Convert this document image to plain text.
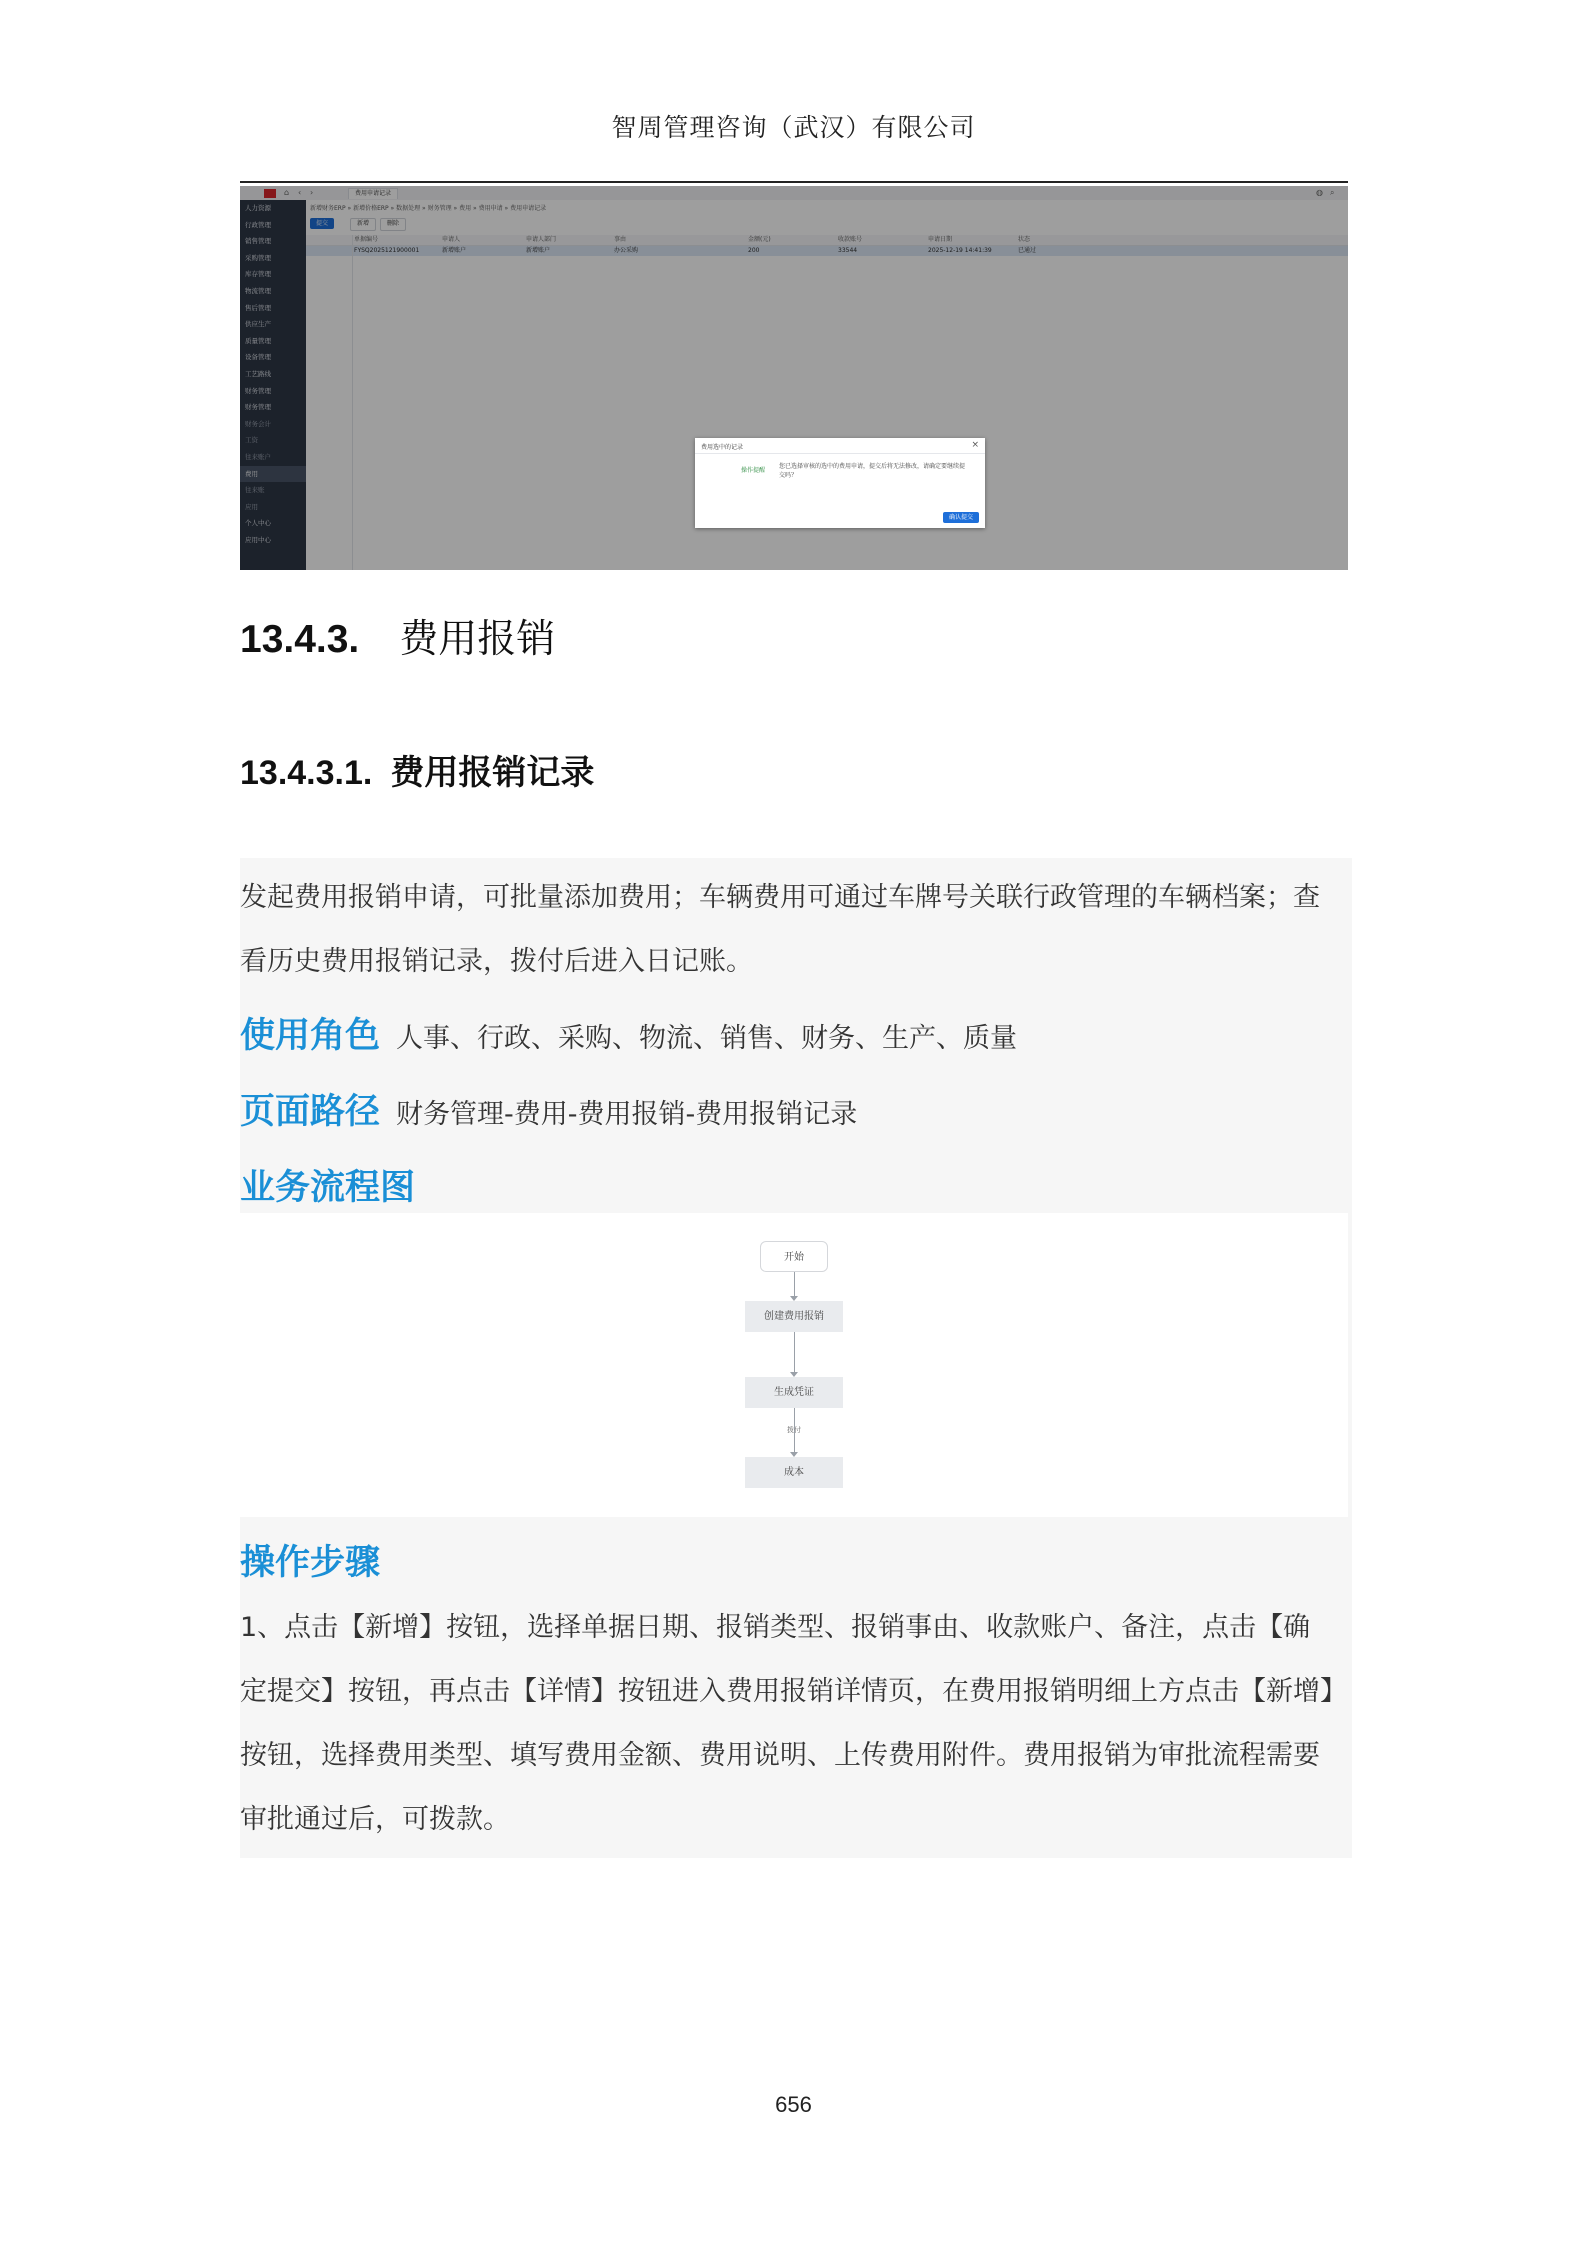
智周管理咨询（武汉）有限公司
⌂ ‹ ›	费用申请记录	◍ ⌕
人力资源
行政管理
销售管理
采购管理
库存管理
物流管理
售后管理
供应生产
质量管理
设备管理
工艺路线
财务管理
财务管理
财务会计
工资
往来账户
费用
往来账
应用
个人中心
应用中心
新增财务ERP » 新增价格ERP » 数据处理 » 财务管理 » 费用 » 费用申请 » 费用申请记录
提交	新增	删除
单据编号	申请人	申请人部门	事由	金额(元)	收款账号	申请日期	状态
FYSQ2025121900001	新增账户	新增账户	办公采购	200	33544	2025-12-19 14:41:39	已通过
费用选中的记录	×
操作提醒
您已选择审核的选中的费用申请，提交后将无法修改，请确定要继续提交吗？
确认提交
13.4.3. 费用报销
13.4.3.1. 费用报销记录
发起费用报销申请，可批量添加费用；车辆费用可通过车牌号关联行政管理的车辆档案；查
看历史费用报销记录，拨付后进入日记账。
使用角色 人事、行政、采购、物流、销售、财务、生产、质量
页面路径 财务管理-费用-费用报销-费用报销记录
业务流程图
开始
创建费用报销
生成凭证
拨付
成本
操作步骤
1、点击【新增】按钮，选择单据日期、报销类型、报销事由、收款账户、备注，点击【确
定提交】按钮，再点击【详情】按钮进入费用报销详情页，在费用报销明细上方点击【新增】
按钮，选择费用类型、填写费用金额、费用说明、上传费用附件。费用报销为审批流程需要
审批通过后，可拨款。
656
